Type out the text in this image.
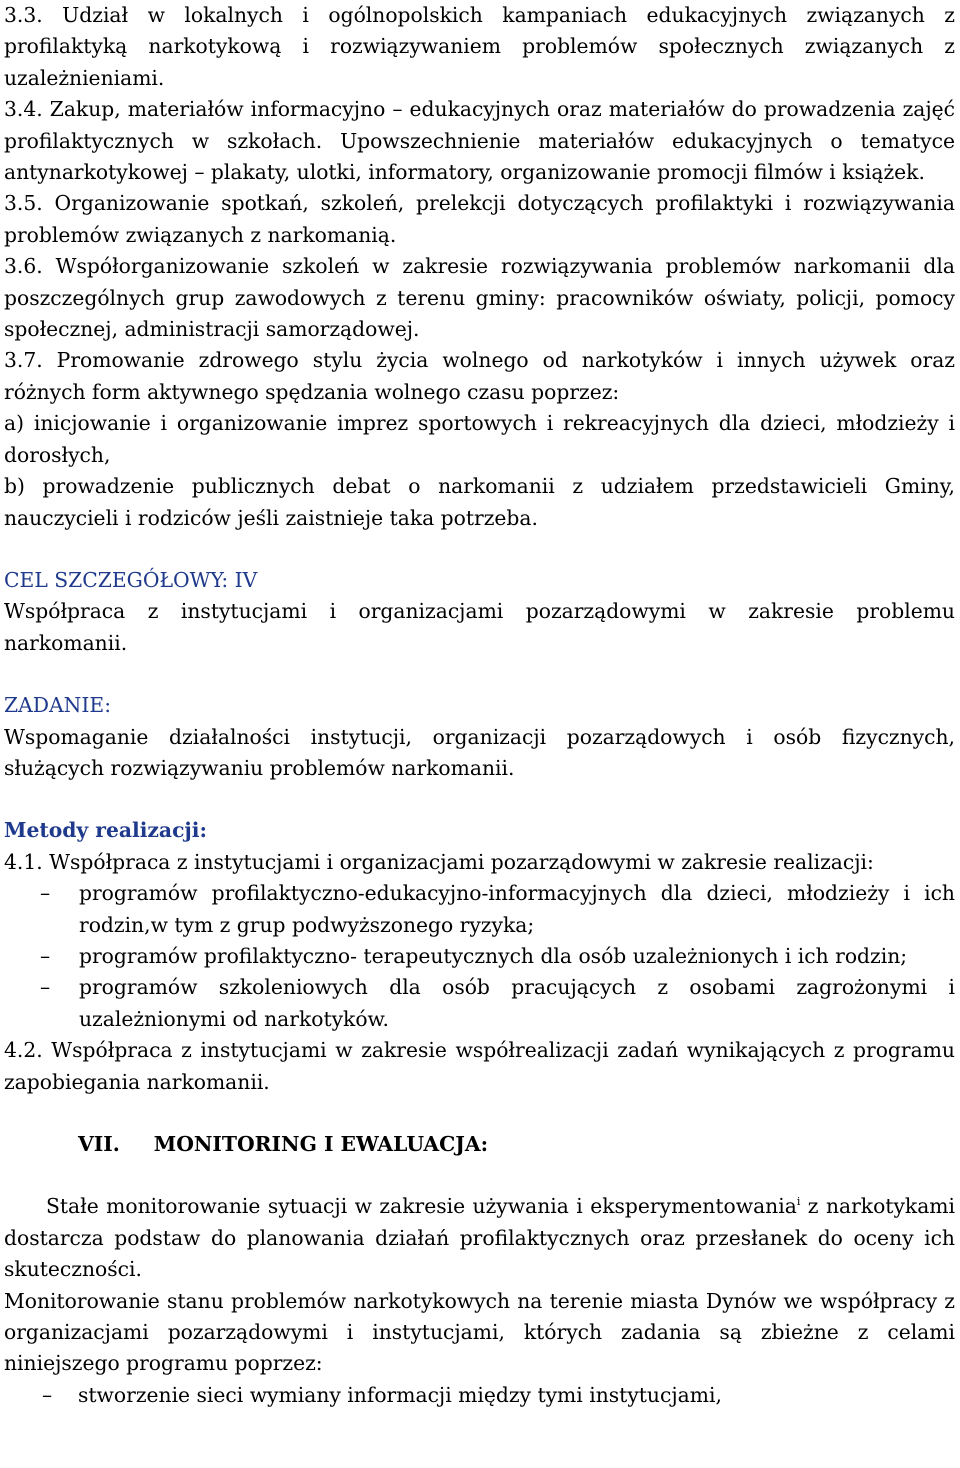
3.3. Udział w lokalnych i ogólnopolskich kampaniach edukacyjnych związanych z profilaktyką narkotykową i rozwiązywaniem problemów społecznych związanych z uzależnieniami.

3.4. Zakup, materiałów informacyjno – edukacyjnych oraz materiałów do prowadzenia zajęć profilaktycznych w szkołach. Upowszechnienie materiałów edukacyjnych o tematyce antynarkotykowej – plakaty, ulotki, informatory, organizowanie promocji filmów i książek.

3.5. Organizowanie spotkań, szkoleń, prelekcji dotyczących profilaktyki i rozwiązywania problemów związanych z narkomanią.

3.6. Współorganizowanie szkoleń w zakresie rozwiązywania problemów narkomanii dla poszczególnych grup zawodowych z terenu gminy: pracowników oświaty, policji, pomocy społecznej, administracji samorządowej.

3.7. Promowanie zdrowego stylu życia wolnego od narkotyków i innych używek oraz różnych form aktywnego spędzania wolnego czasu poprzez:

a) inicjowanie i organizowanie imprez sportowych i rekreacyjnych dla dzieci, młodzieży i dorosłych,

b) prowadzenie publicznych debat o narkomanii z udziałem przedstawicieli Gminy, nauczycieli i rodziców jeśli zaistnieje taka potrzeba.

CEL SZCZEGÓŁOWY: IV

Współpraca z instytucjami i organizacjami pozarządowymi w zakresie problemu narkomanii.

ZADANIE:

Wspomaganie działalności instytucji, organizacji pozarządowych i osób fizycznych, służących rozwiązywaniu problemów narkomanii.

Metody realizacji:

4.1. Współpraca z instytucjami i organizacjami pozarządowymi w zakresie realizacji:

– programów profilaktyczno-edukacyjno-informacyjnych dla dzieci, młodzieży i ich rodzin,w tym z grup podwyższonego ryzyka;
– programów profilaktyczno- terapeutycznych dla osób uzależnionych i ich rodzin;
– programów szkoleniowych dla osób pracujących z osobami zagrożonymi i uzależnionymi od narkotyków.

4.2. Współpraca z instytucjami w zakresie współrealizacji zadań wynikających z programu zapobiegania narkomanii.

VII. MONITORING I EWALUACJA:

Stałe monitorowanie sytuacji w zakresie używania i eksperymentowania$^i$ z narkotykami dostarcza podstaw do planowania działań profilaktycznych oraz przesłanek do oceny ich skuteczności.

Monitorowanie stanu problemów narkotykowych na terenie miasta Dynów we współpracy z organizacjami pozarządowymi i instytucjami, których zadania są zbieżne z celami niniejszego programu poprzez:

– stworzenie sieci wymiany informacji między tymi instytucjami,
